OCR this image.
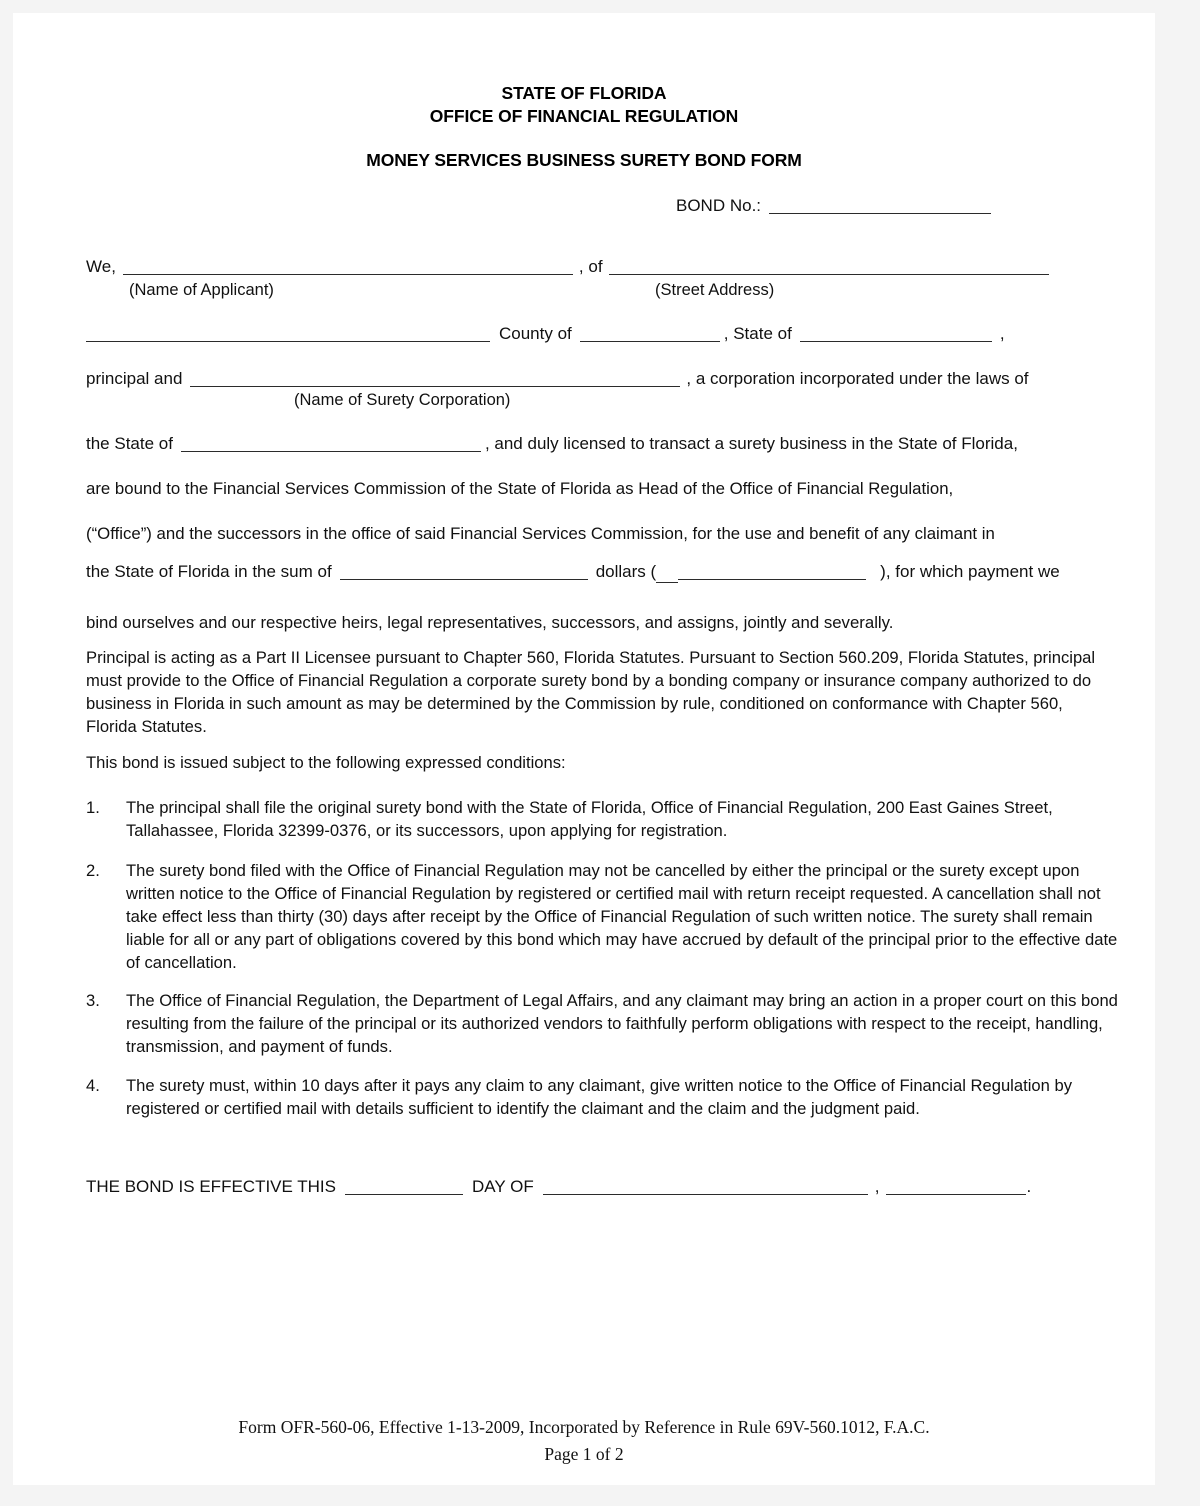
STATE OF FLORIDA
OFFICE OF FINANCIAL REGULATION
MONEY SERVICES BUSINESS SURETY BOND FORM
BOND No.:
We,	, of
(Name of Applicant)	(Street Address)
County of	, State of	,
principal and	, a corporation incorporated under the laws of
(Name of Surety Corporation)
the State of	, and duly licensed to transact a surety business in the State of Florida,
are bound to the Financial Services Commission of the State of Florida as Head of the Office of Financial Regulation,
(“Office”) and the successors in the office of said Financial Services Commission, for the use and benefit of any claimant in
the State of Florida in the sum of	dollars (	), for which payment we
bind ourselves and our respective heirs, legal representatives, successors, and assigns, jointly and severally.
Principal is acting as a Part II Licensee pursuant to Chapter 560, Florida Statutes. Pursuant to Section 560.209, Florida Statutes, principal must provide to the Office of Financial Regulation a corporate surety bond by a bonding company or insurance company authorized to do business in Florida in such amount as may be determined by the Commission by rule, conditioned on conformance with Chapter 560, Florida Statutes.
This bond is issued subject to the following expressed conditions:
1.	The principal shall file the original surety bond with the State of Florida, Office of Financial Regulation, 200 East Gaines Street, Tallahassee, Florida 32399-0376, or its successors, upon applying for registration.
2.	The surety bond filed with the Office of Financial Regulation may not be cancelled by either the principal or the surety except upon written notice to the Office of Financial Regulation by registered or certified mail with return receipt requested. A cancellation shall not take effect less than thirty (30) days after receipt by the Office of Financial Regulation of such written notice. The surety shall remain liable for all or any part of obligations covered by this bond which may have accrued by default of the principal prior to the effective date of cancellation.
3.	The Office of Financial Regulation, the Department of Legal Affairs, and any claimant may bring an action in a proper court on this bond resulting from the failure of the principal or its authorized vendors to faithfully perform obligations with respect to the receipt, handling, transmission, and payment of funds.
4.	The surety must, within 10 days after it pays any claim to any claimant, give written notice to the Office of Financial Regulation by registered or certified mail with details sufficient to identify the claimant and the claim and the judgment paid.
THE BOND IS EFFECTIVE THIS	DAY OF	,	.
Form OFR-560-06, Effective 1-13-2009, Incorporated by Reference in Rule 69V-560.1012, F.A.C.
Page 1 of 2
